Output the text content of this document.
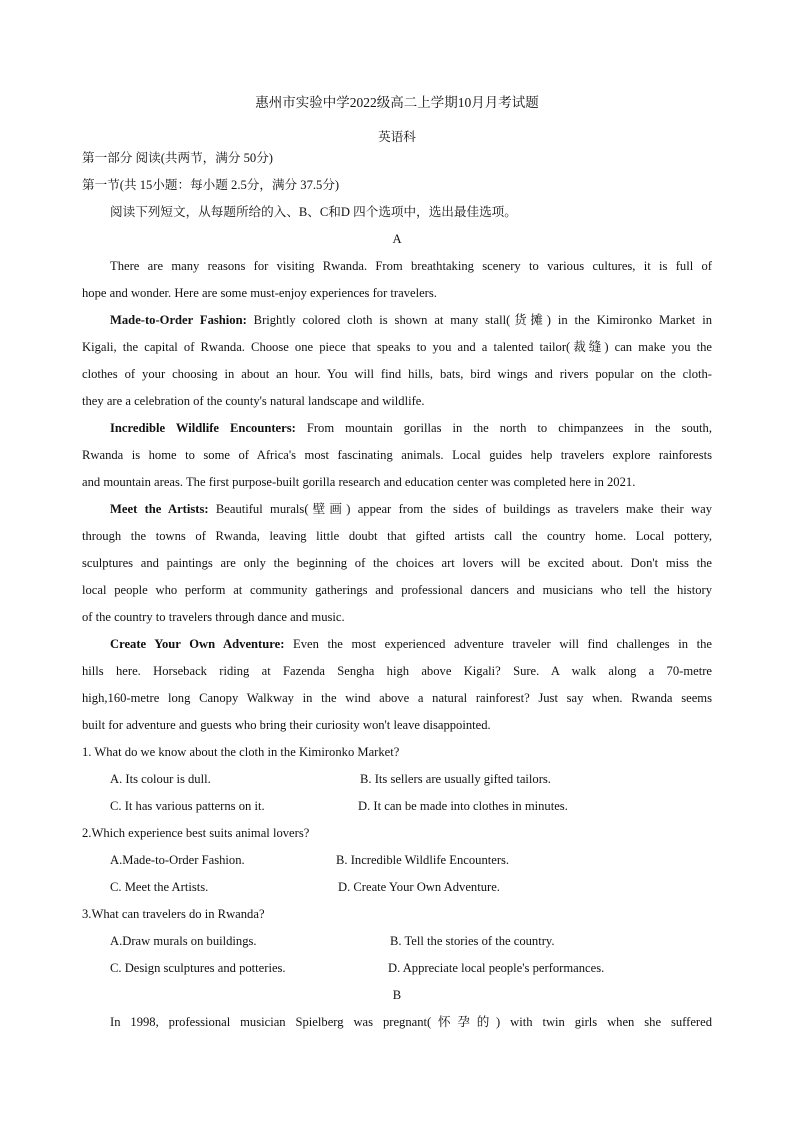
惠州市实验中学2022级高二上学期10月月考试题
英语科
第一部分 阅读(共两节，满分 50分)
第一节(共 15小题：每小题 2.5分，满分 37.5分)
阅读下列短文，从每题所给的入、B、C和D 四个选项中，选出最佳选项。
A
There are many reasons for visiting Rwanda. From breathtaking scenery to various cultures, it is full of
hope and wonder. Here are some must-enjoy experiences for travelers.
Made-to-Order Fashion: Brightly colored cloth is shown at many stall(货摊) in the Kimironko Market in
Kigali, the capital of Rwanda. Choose one piece that speaks to you and a talented tailor(裁缝) can make you the
clothes of your choosing in about an hour. You will find hills, bats, bird wings and rivers popular on the cloth-
they are a celebration of the county's natural landscape and wildlife.
Incredible Wildlife Encounters: From mountain gorillas in the north to chimpanzees in the south,
Rwanda is home to some of Africa's most fascinating animals. Local guides help travelers explore rainforests
and mountain areas. The first purpose-built gorilla research and education center was completed here in 2021.
Meet the Artists: Beautiful murals(壁画) appear from the sides of buildings as travelers make their way
through the towns of Rwanda, leaving little doubt that gifted artists call the country home. Local pottery,
sculptures and paintings are only the beginning of the choices art lovers will be excited about. Don't miss the
local people who perform at community gatherings and professional dancers and musicians who tell the history
of the country to travelers through dance and music.
Create Your Own Adventure: Even the most experienced adventure traveler will find challenges in the
hills here. Horseback riding at Fazenda Sengha high above Kigali? Sure. A walk along a 70-metre
high,160-metre long Canopy Walkway in the wind above a natural rainforest? Just say when. Rwanda seems
built for adventure and guests who bring their curiosity won't leave disappointed.
1. What do we know about the cloth in the Kimironko Market?
A. Its colour is dull.	B. Its sellers are usually gifted tailors.
C. It has various patterns on it.	D. It can be made into clothes in minutes.
2.Which experience best suits animal lovers?
A.Made-to-Order Fashion.	B. Incredible Wildlife Encounters.
C. Meet the Artists.	D. Create Your Own Adventure.
3.What can travelers do in Rwanda?
A.Draw murals on buildings.	B. Tell the stories of the country.
C. Design sculptures and potteries.	D. Appreciate local people's performances.
B
In 1998, professional musician Spielberg was pregnant(怀孕的) with twin girls when she suffered
